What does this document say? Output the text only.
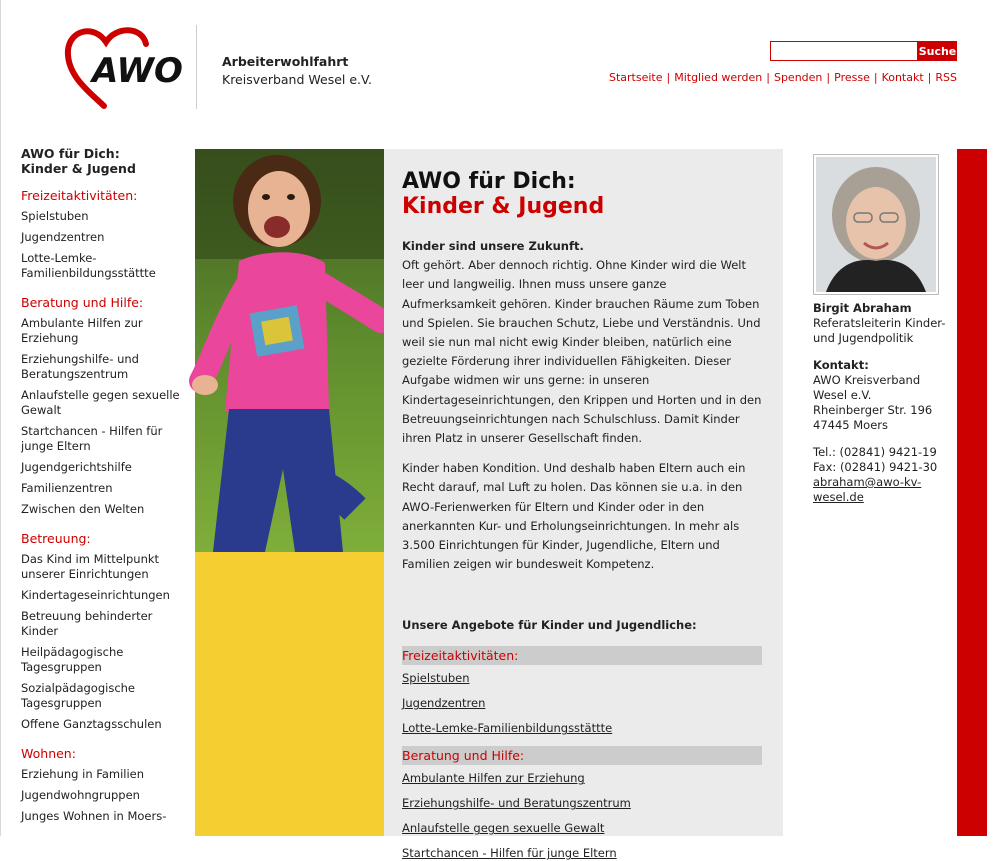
AWO	Arbeiterwohlfahrt
Kreisverband Wesel e.V.
Suche
Startseite | Mitglied werden | Spenden | Presse | Kontakt | RSS
AWO für Dich:
Kinder & Jugend
Freizeitaktivitäten:
Spielstuben
Jugendzentren
Lotte-Lemke-Familienbildungsstättte
Beratung und Hilfe:
Ambulante Hilfen zur Erziehung
Erziehungshilfe- und Beratungszentrum
Anlaufstelle gegen sexuelle Gewalt
Startchancen - Hilfen für junge Eltern
Jugendgerichtshilfe
Familienzentren
Zwischen den Welten
Betreuung:
Das Kind im Mittelpunkt unserer Einrichtungen
Kindertageseinrichtungen
Betreuung behinderter Kinder
Heilpädagogische Tagesgruppen
Sozialpädagogische Tagesgruppen
Offene Ganztagsschulen
Wohnen:
Erziehung in Familien
Jugendwohngruppen
Junges Wohnen in Moers-
AWO für Dich:
Kinder & Jugend
Kinder sind unsere Zukunft.
Oft gehört. Aber dennoch richtig. Ohne Kinder wird die Welt leer und langweilig. Ihnen muss unsere ganze Aufmerksamkeit gehören. Kinder brauchen Räume zum Toben und Spielen. Sie brauchen Schutz, Liebe und Verständnis. Und weil sie nun mal nicht ewig Kinder bleiben, natürlich eine gezielte Förderung ihrer individuellen Fähigkeiten. Dieser Aufgabe widmen wir uns gerne: in unseren Kindertageseinrichtungen, den Krippen und Horten und in den Betreuungseinrichtungen nach Schulschluss. Damit Kinder ihren Platz in unserer Gesellschaft finden.
Kinder haben Kondition. Und deshalb haben Eltern auch ein Recht darauf, mal Luft zu holen. Das können sie u.a. in den AWO-Ferienwerken für Eltern und Kinder oder in den anerkannten Kur- und Erholungseinrichtungen. In mehr als 3.500 Einrichtungen für Kinder, Jugendliche, Eltern und Familien zeigen wir bundesweit Kompetenz.
Unsere Angebote für Kinder und Jugendliche:
Freizeitaktivitäten:
Spielstuben
Jugendzentren
Lotte-Lemke-Familienbildungsstättte
Beratung und Hilfe:
Ambulante Hilfen zur Erziehung
Erziehungshilfe- und Beratungszentrum
Anlaufstelle gegen sexuelle Gewalt
Startchancen - Hilfen für junge Eltern
Birgit Abraham
Referatsleiterin Kinder- und Jugendpolitik
Kontakt:
AWO Kreisverband Wesel e.V.
Rheinberger Str. 196
47445 Moers
Tel.: (02841) 9421-19
Fax: (02841) 9421-30
abraham@awo-kv-wesel.de
